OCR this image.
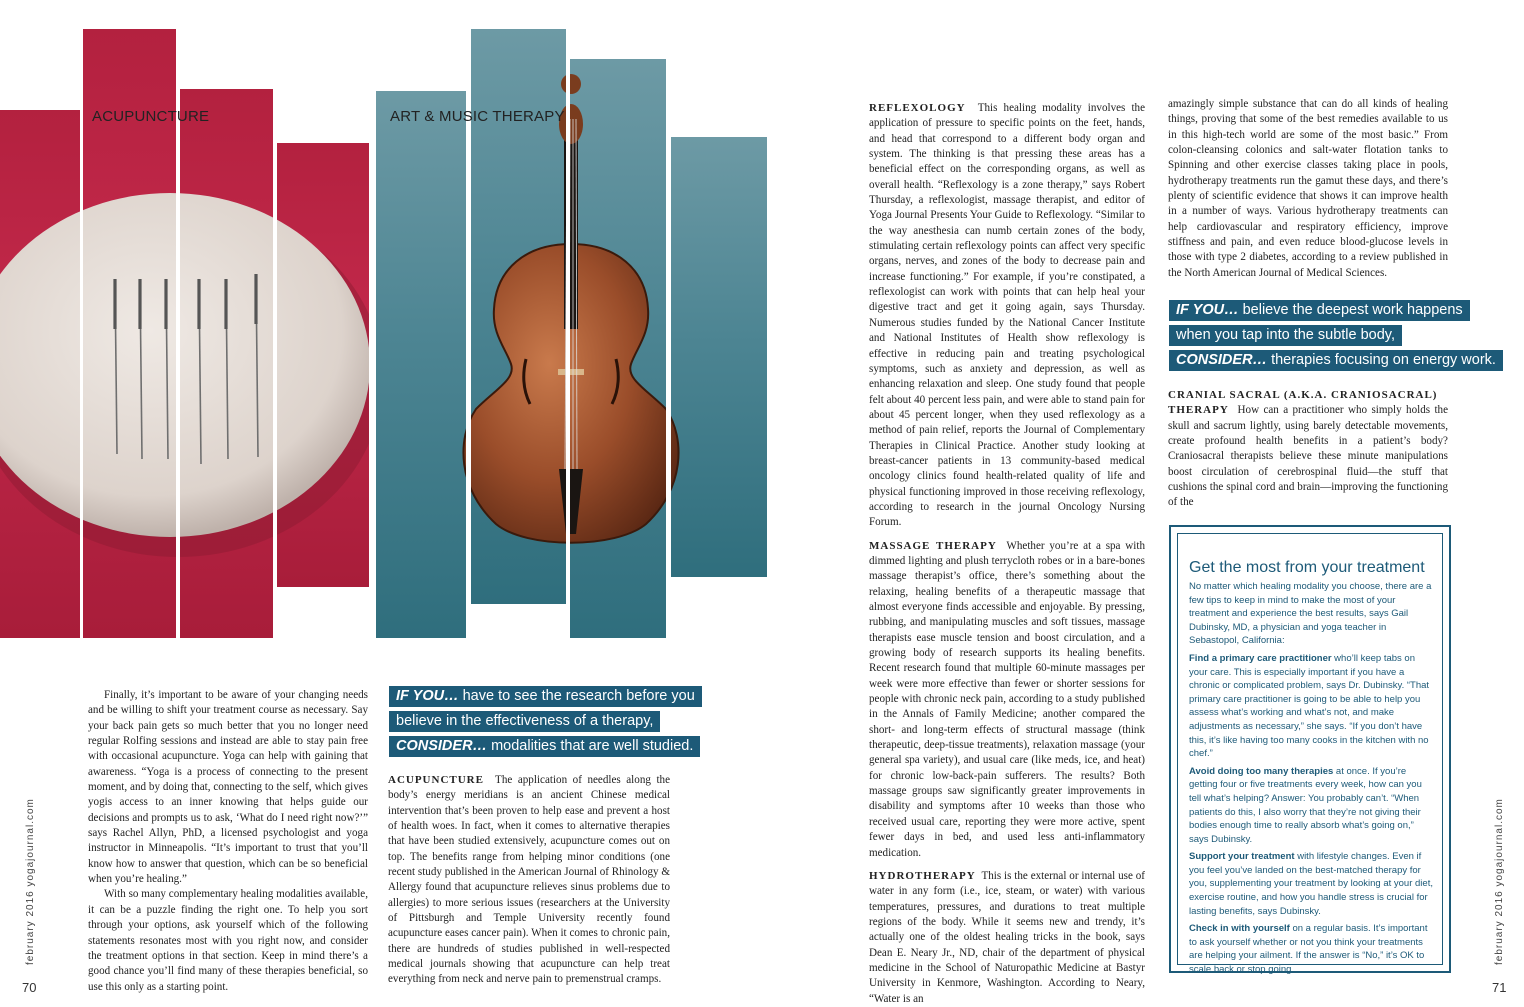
ACUPUNCTURE	ART & MUSIC THERAPY

Finally, it’s important to be aware of your changing needs and be willing to shift your treatment course as necessary. Say your back pain gets so much better that you no longer need regular Rolfing sessions and instead are able to stay pain free with occasional acupuncture. Yoga can help with gaining that awareness. “Yoga is a process of connecting to the present moment, and by doing that, connecting to the self, which gives yogis access to an inner knowing that helps guide our decisions and prompts us to ask, ‘What do I need right now?’” says Rachel Allyn, PhD, a licensed psychologist and yoga instructor in Minneapolis. “It’s important to trust that you’ll know how to answer that question, which can be so beneficial when you’re healing.”

With so many complementary healing modalities available, it can be a puzzle finding the right one. To help you sort through your options, ask yourself which of the following statements resonates most with you right now, and consider the treatment options in that section. Keep in mind there’s a good chance you’ll find many of these therapies beneficial, so use this only as a starting point.

IF YOU… have to see the research before you
believe in the effectiveness of a therapy,
CONSIDER… modalities that are well studied.

ACUPUNCTURE The application of needles along the body’s energy meridians is an ancient Chinese medical intervention that’s been proven to help ease and prevent a host of health woes. In fact, when it comes to alternative therapies that have been studied extensively, acupuncture comes out on top. The benefits range from helping minor conditions (one recent study published in the American Journal of Rhinology & Allergy found that acupuncture relieves sinus problems due to allergies) to more serious issues (researchers at the University of Pittsburgh and Temple University recently found acupuncture eases cancer pain). When it comes to chronic pain, there are hundreds of studies published in well-respected medical journals showing that acupuncture can help treat everything from neck and nerve pain to premenstrual cramps.

70
february 2016 yogajournal.com

REFLEXOLOGY This healing modality involves the application of pressure to specific points on the feet, hands, and head that correspond to a different body organ and system. The thinking is that pressing these areas has a beneficial effect on the corresponding organs, as well as overall health. “Reflexology is a zone therapy,” says Robert Thursday, a reflexologist, massage therapist, and editor of Yoga Journal Presents Your Guide to Reflexology. “Similar to the way anesthesia can numb certain zones of the body, stimulating certain reflexology points can affect very specific organs, nerves, and zones of the body to decrease pain and increase functioning.” For example, if you’re constipated, a reflexologist can work with points that can help heal your digestive tract and get it going again, says Thursday. Numerous studies funded by the National Cancer Institute and National Institutes of Health show reflexology is effective in reducing pain and treating psychological symptoms, such as anxiety and depression, as well as enhancing relaxation and sleep. One study found that people felt about 40 percent less pain, and were able to stand pain for about 45 percent longer, when they used reflexology as a method of pain relief, reports the Journal of Complementary Therapies in Clinical Practice. Another study looking at breast-cancer patients in 13 community-based medical oncology clinics found health-related quality of life and physical functioning improved in those receiving reflexology, according to research in the journal Oncology Nursing Forum.

MASSAGE THERAPY Whether you’re at a spa with dimmed lighting and plush terrycloth robes or in a bare-bones massage therapist’s office, there’s something about the relaxing, healing benefits of a therapeutic massage that almost everyone finds accessible and enjoyable. By pressing, rubbing, and manipulating muscles and soft tissues, massage therapists ease muscle tension and boost circulation, and a growing body of research supports its healing benefits. Recent research found that multiple 60-minute massages per week were more effective than fewer or shorter sessions for people with chronic neck pain, according to a study published in the Annals of Family Medicine; another compared the short- and long-term effects of structural massage (think therapeutic, deep-tissue treatments), relaxation massage (your general spa variety), and usual care (like meds, ice, and heat) for chronic low-back-pain sufferers. The results? Both massage groups saw significantly greater improvements in disability and symptoms after 10 weeks than those who received usual care, reporting they were more active, spent fewer days in bed, and used less anti-inflammatory medication.

HYDROTHERAPY This is the external or internal use of water in any form (i.e., ice, steam, or water) with various temperatures, pressures, and durations to treat multiple regions of the body. While it seems new and trendy, it’s actually one of the oldest healing tricks in the book, says Dean E. Neary Jr., ND, chair of the department of physical medicine in the School of Naturopathic Medicine at Bastyr University in Kenmore, Washington. According to Neary, “Water is an

amazingly simple substance that can do all kinds of healing things, proving that some of the best remedies available to us in this high-tech world are some of the most basic.” From colon-cleansing colonics and salt-water flotation tanks to Spinning and other exercise classes taking place in pools, hydrotherapy treatments run the gamut these days, and there’s plenty of scientific evidence that shows it can improve health in a number of ways. Various hydrotherapy treatments can help cardiovascular and respiratory efficiency, improve stiffness and pain, and even reduce blood-glucose levels in those with type 2 diabetes, according to a review published in the North American Journal of Medical Sciences.

IF YOU… believe the deepest work happens
when you tap into the subtle body,
CONSIDER… therapies focusing on energy work.

CRANIAL SACRAL (A.K.A. CRANIOSACRAL)
THERAPY How can a practitioner who simply holds the skull and sacrum lightly, using barely detectable movements, create profound health benefits in a patient’s body? Craniosacral therapists believe these minute manipulations boost circulation of cerebrospinal fluid—the stuff that cushions the spinal cord and brain—improving the functioning of the

Get the most from your treatment

No matter which healing modality you choose, there are a few tips to keep in mind to make the most of your treatment and experience the best results, says Gail Dubinsky, MD, a physician and yoga teacher in Sebastopol, California:

Find a primary care practitioner who’ll keep tabs on your care. This is especially important if you have a chronic or complicated problem, says Dr. Dubinsky. “That primary care practitioner is going to be able to help you assess what’s working and what’s not, and make adjustments as necessary,” she says. “If you don’t have this, it’s like having too many cooks in the kitchen with no chef.”

Avoid doing too many therapies at once. If you’re getting four or five treatments every week, how can you tell what’s helping? Answer: You probably can’t. “When patients do this, I also worry that they’re not giving their bodies enough time to really absorb what’s going on,” says Dubinsky.

Support your treatment with lifestyle changes. Even if you feel you’ve landed on the best-matched therapy for you, supplementing your treatment by looking at your diet, exercise routine, and how you handle stress is crucial for lasting benefits, says Dubinsky.

Check in with yourself on a regular basis. It’s important to ask yourself whether or not you think your treatments are helping your ailment. If the answer is “No,” it’s OK to scale back or stop going.

71
february 2016 yogajournal.com
